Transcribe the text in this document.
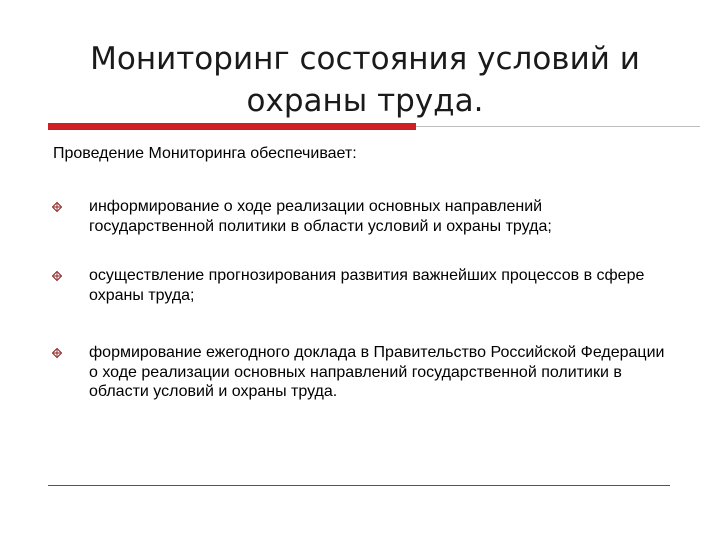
Мониторинг состояния условий и
охраны труда.

Проведение Мониторинга обеспечивает:

информирование о ходе реализации основных направлений государственной политики в области условий и охраны труда;

осуществление прогнозирования развития важнейших процессов в сфере охраны труда;

формирование ежегодного доклада в Правительство Российской Федерации о ходе реализации основных направлений государственной политики в области условий и охраны труда.
